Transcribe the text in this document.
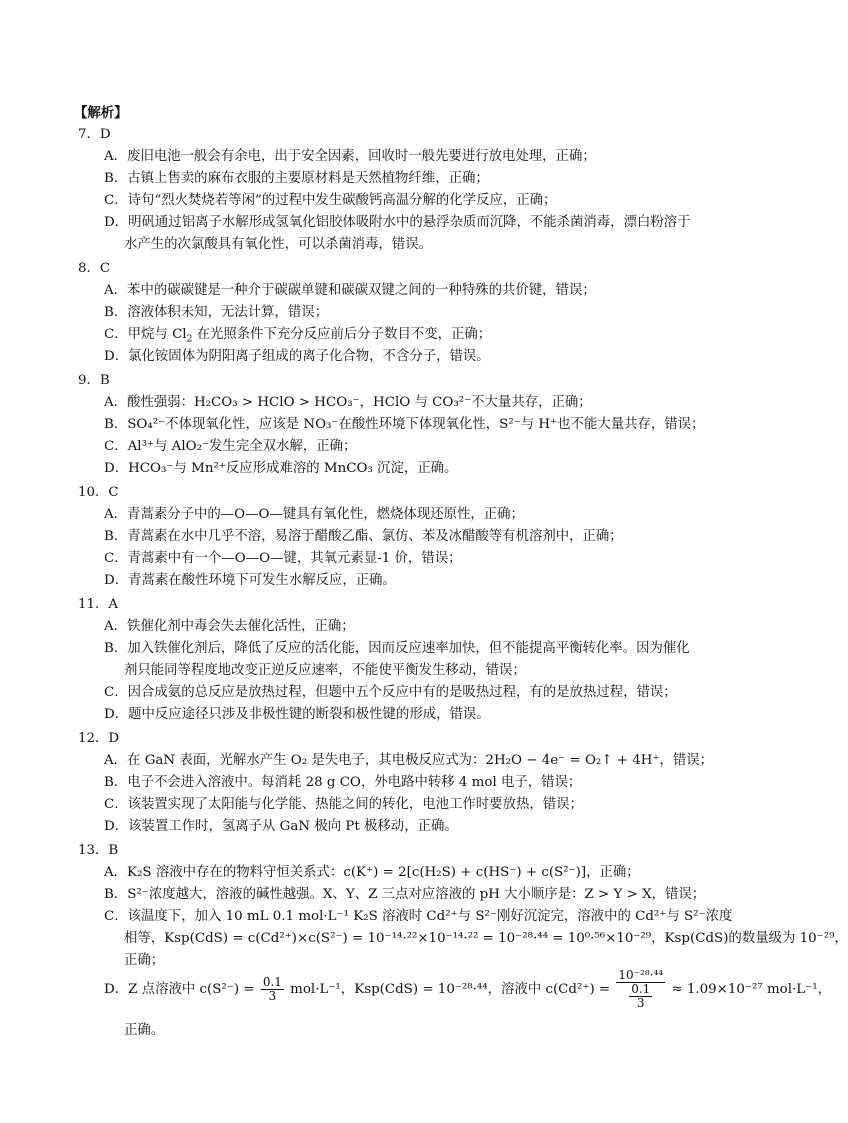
【解析】
7．D
A．废旧电池一般会有余电，出于安全因素，回收时一般先要进行放电处理，正确；
B．古镇上售卖的麻布衣服的主要原材料是天然植物纤维，正确；
C．诗句“烈火焚烧若等闲”的过程中发生碳酸钙高温分解的化学反应，正确；
D．明矾通过铝离子水解形成氢氧化铝胶体吸附水中的悬浮杂质而沉降，不能杀菌消毒，漂白粉溶于
水产生的次氯酸具有氧化性，可以杀菌消毒，错误。
8．C
A．苯中的碳碳键是一种介于碳碳单键和碳碳双键之间的一种特殊的共价键，错误；
B．溶液体积未知，无法计算，错误；
C．甲烷与 $Cl_2$ 在光照条件下充分反应前后分子数目不变，正确；
D．氯化铵固体为阴阳离子组成的离子化合物，不含分子，错误。
9．B
A．酸性强弱：H₂CO₃ > HClO > HCO₃⁻，HClO 与 CO₃²⁻不大量共存，正确；
B．SO₄²⁻不体现氧化性，应该是 NO₃⁻在酸性环境下体现氧化性，S²⁻与 H⁺也不能大量共存，错误；
C．Al³⁺与 AlO₂⁻发生完全双水解，正确；
D．HCO₃⁻与 Mn²⁺反应形成难溶的 MnCO₃ 沉淀，正确。
10．C
A．青蒿素分子中的—O—O—键具有氧化性，燃烧体现还原性，正确；
B．青蒿素在水中几乎不溶，易溶于醋酸乙酯、氯仿、苯及冰醋酸等有机溶剂中，正确；
C．青蒿素中有一个—O—O—键，其氧元素显-1 价，错误；
D．青蒿素在酸性环境下可发生水解反应，正确。
11．A
A．铁催化剂中毒会失去催化活性，正确；
B．加入铁催化剂后，降低了反应的活化能，因而反应速率加快，但不能提高平衡转化率。因为催化
剂只能同等程度地改变正逆反应速率，不能使平衡发生移动，错误；
C．因合成氨的总反应是放热过程，但题中五个反应中有的是吸热过程，有的是放热过程，错误；
D．题中反应途径只涉及非极性键的断裂和极性键的形成，错误。
12．D
A．在 GaN 表面，光解水产生 O₂ 是失电子，其电极反应式为：2H₂O − 4e⁻ = O₂↑ + 4H⁺，错误；
B．电子不会进入溶液中。每消耗 28 g CO，外电路中转移 4 mol 电子，错误；
C．该装置实现了太阳能与化学能、热能之间的转化，电池工作时要放热，错误；
D．该装置工作时，氢离子从 GaN 极向 Pt 极移动，正确。
13．B
A．K₂S 溶液中存在的物料守恒关系式：c(K⁺) = 2[c(H₂S) + c(HS⁻) + c(S²⁻)]，正确；
B．S²⁻浓度越大，溶液的碱性越强。X、Y、Z 三点对应溶液的 pH 大小顺序是：Z > Y > X，错误；
C．该温度下，加入 10 mL 0.1 mol·L⁻¹ K₂S 溶液时 Cd²⁺与 S²⁻刚好沉淀完，溶液中的 Cd²⁺与 S²⁻浓度
相等，Ksp(CdS) = c(Cd²⁺)×c(S²⁻) = 10⁻¹⁴·²²×10⁻¹⁴·²² = 10⁻²⁸·⁴⁴ = 10⁰·⁵⁶×10⁻²⁹，Ksp(CdS)的数量级为 10⁻²⁹，
正确；
D．Z 点溶液中 $c(S^{2-}) = \frac{0.1}{3} mol\cdot L^{-1}$，Ksp(CdS) = 10⁻²⁸·⁴⁴，溶液中 $c(Cd^{2+}) = \frac{\text{10⁻²⁸·⁴⁴}}{\frac{0.1}{3}} \approx 1.09\times 10^{-27}$ mol·L⁻¹，
正确。
